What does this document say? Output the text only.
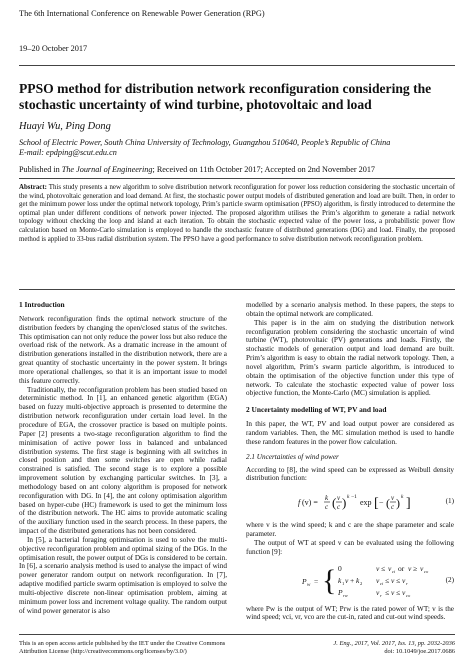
The 6th International Conference on Renewable Power Generation (RPG)
19–20 October 2017
PPSO method for distribution network reconfiguration considering the stochastic uncertainty of wind turbine, photovoltaic and load
Huayi Wu, Ping Dong
School of Electric Power, South China University of Technology, Guangzhou 510640, People’s Republic of China
E-mail: epdping@scut.edu.cn
Published in The Journal of Engineering; Received on 11th October 2017; Accepted on 2nd November 2017

Abstract: This study presents a new algorithm to solve distribution network reconfiguration for power loss reduction considering the stochastic uncertain of the wind, photovoltaic generation and load demand. At first, the stochastic power output models of distributed generation and load are built. Then, in order to get the minimum power loss under the optimal network topology, Prim’s particle swarm optimisation (PPSO) algorithm, is firstly introduced to determine the optimal plan under different conditions of network power injected. The proposed algorithm utilises the Prim’s algorithm to generate a radial network topology without checking the loop and island at each iteration. To obtain the stochastic expected value of the power loss, a probabilistic power flow calculation based on Monte-Carlo simulation is employed to handle the stochastic feature of distributed generations (DG) and load. Finally, the proposed method is applied to 33-bus radial distribution system. The PPSO have a good performance to solve distribution network reconfiguration problem.

1 Introduction

Network reconfiguration finds the optimal network structure of the distribution feeders by changing the open/closed status of the switches. This optimisation can not only reduce the power loss but also reduce the overload risk of the network. As a dramatic increase in the amount of distribution generations installed in the distribution network, there are a great quantity of stochastic uncertainty in the power system. It brings more operational challenges, so that it is an important issue to model this feature correctly.

Traditionally, the reconfiguration problem has been studied based on deterministic method. In [1], an enhanced genetic algorithm (EGA) based on fuzzy multi-objective approach is presented to determine the distribution network reconfiguration under certain load level. In the procedure of EGA, the crossover practice is based on multiple points. Paper [2] presents a two-stage reconfiguration algorithm to find the minimisation of active power loss in balanced and unbalanced distribution systems. The first stage is beginning with all switches in closed position and then some switches are open while radial constrained is satisfied. The second stage is to explore a possible improvement solution by exchanging particular switches. In [3], a methodology based on ant colony algorithm is proposed for network reconfiguration with DG. In [4], the ant colony optimisation algorithm based on hyper-cube (HC) framework is used to get the minimum loss of the distribution network. The HC aims to provide automatic scaling of the auxiliary function used in the search process. In these papers, the impact of the distributed generations has not been considered.

In [5], a bacterial foraging optimisation is used to solve the multi-objective reconfiguration problem and optimal sizing of the DGs. In the optimisation result, the power output of DGs is considered to be certain. In [6], a scenario analysis method is used to analyse the impact of wind power generator random output on network reconfiguration. In [7], adaptive modified particle swarm optimisation is employed to solve the multi-objective discrete non-linear optimisation problem, aiming at minimum power loss and increment voltage quality. The random output of wind power generator is also

modelled by a scenario analysis method. In these papers, the steps to obtain the optimal network are complicated.

This paper is in the aim on studying the distribution network reconfiguration problem considering the stochastic uncertain of wind turbine (WT), photovoltaic (PV) generations and loads. Firstly, the stochastic models of generation output and load demand are built. Prim’s algorithm is easy to obtain the radial network topology. Then, a novel algorithm, Prim’s swarm particle algorithm, is introduced to obtain the optimisation of the objective function under this type of network. To calculate the stochastic expected value of power loss objective function, the Monte-Carlo (MC) simulation is applied.

2 Uncertainty modelling of WT, PV and load

In this paper, the WT, PV and load output power are considered as random variables. Then, the MC simulation method is used to handle these random features in the power flow calculation.

2.1 Uncertainties of wind power

According to [8], the wind speed can be expressed as Weibull density distribution function:

f (v) = k
c ( v
c ) k −1
exp [ − ( v
c ) k ]	(1)

where v is the wind speed; k and c are the shape parameter and scale parameter.

The output of WT at speed v can be evaluated using the following function [9]:

P w = { 0	v ≤ v ci or v ≥ v co
k 1 v + k 2 v ci ≤ v ≤ v r
P rw	v r ≤ v ≤ v co
(2)

where Pw is the output of WT; Prw is the rated power of WT; v is the wind speed; vci, vr, vco are the cut-in, rated and cut-out wind speeds.

This is an open access article published by the IET under the Creative Commons Attribution License (http://creativecommons.org/licenses/by/3.0/)
J. Eng., 2017, Vol. 2017, Iss. 13, pp. 2032-2036
doi: 10.1049/joe.2017.0686
